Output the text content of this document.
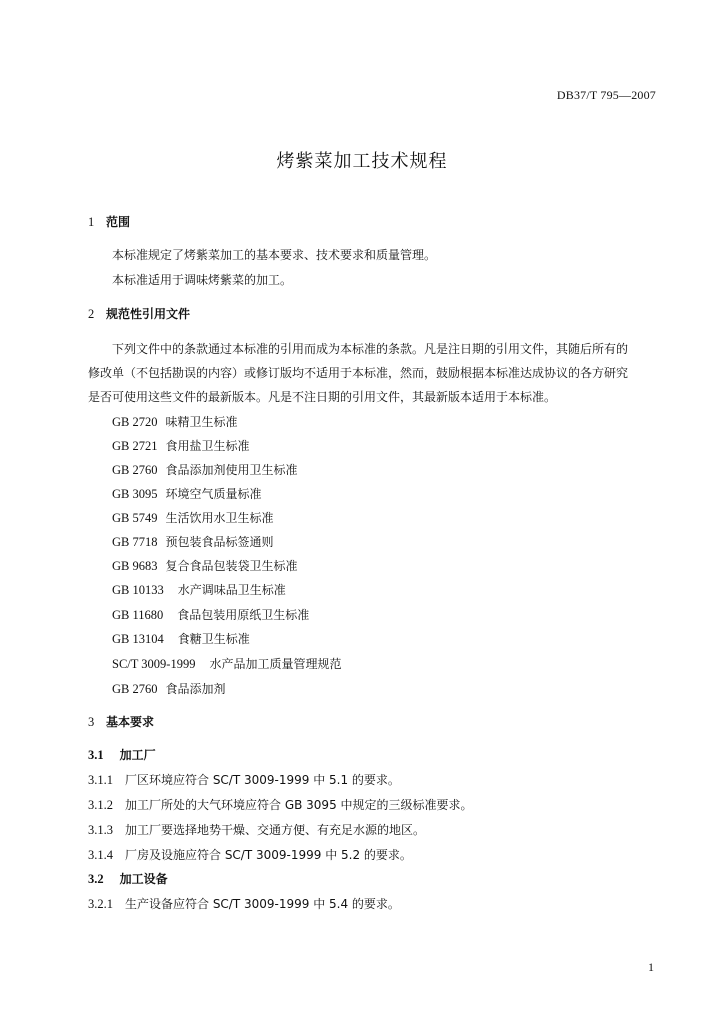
DB37/T 795—2007
烤紫菜加工技术规程
1 范围
本标准规定了烤紫菜加工的基本要求、技术要求和质量管理。
本标准适用于调味烤紫菜的加工。
2 规范性引用文件
下列文件中的条款通过本标准的引用而成为本标准的条款。凡是注日期的引用文件，其随后所有的
修改单（不包括勘误的内容）或修订版均不适用于本标准，然而，鼓励根据本标准达成协议的各方研究
是否可使用这些文件的最新版本。凡是不注日期的引用文件，其最新版本适用于本标准。
GB 2720 味精卫生标准
GB 2721 食用盐卫生标准
GB 2760 食品添加剂使用卫生标准
GB 3095 环境空气质量标准
GB 5749 生活饮用水卫生标准
GB 7718 预包装食品标签通则
GB 9683 复合食品包装袋卫生标准
GB 10133 水产调味品卫生标准
GB 11680 食品包装用原纸卫生标准
GB 13104 食糖卫生标准
SC/T 3009-1999 水产品加工质量管理规范
GB 2760 食品添加剂
3 基本要求
3.1 加工厂
3.1.1 厂区环境应符合 SC/T 3009-1999 中 5.1 的要求。
3.1.2 加工厂所处的大气环境应符合 GB 3095 中规定的三级标准要求。
3.1.3 加工厂要选择地势干燥、交通方便、有充足水源的地区。
3.1.4 厂房及设施应符合 SC/T 3009-1999 中 5.2 的要求。
3.2 加工设备
3.2.1 生产设备应符合 SC/T 3009-1999 中 5.4 的要求。
1
